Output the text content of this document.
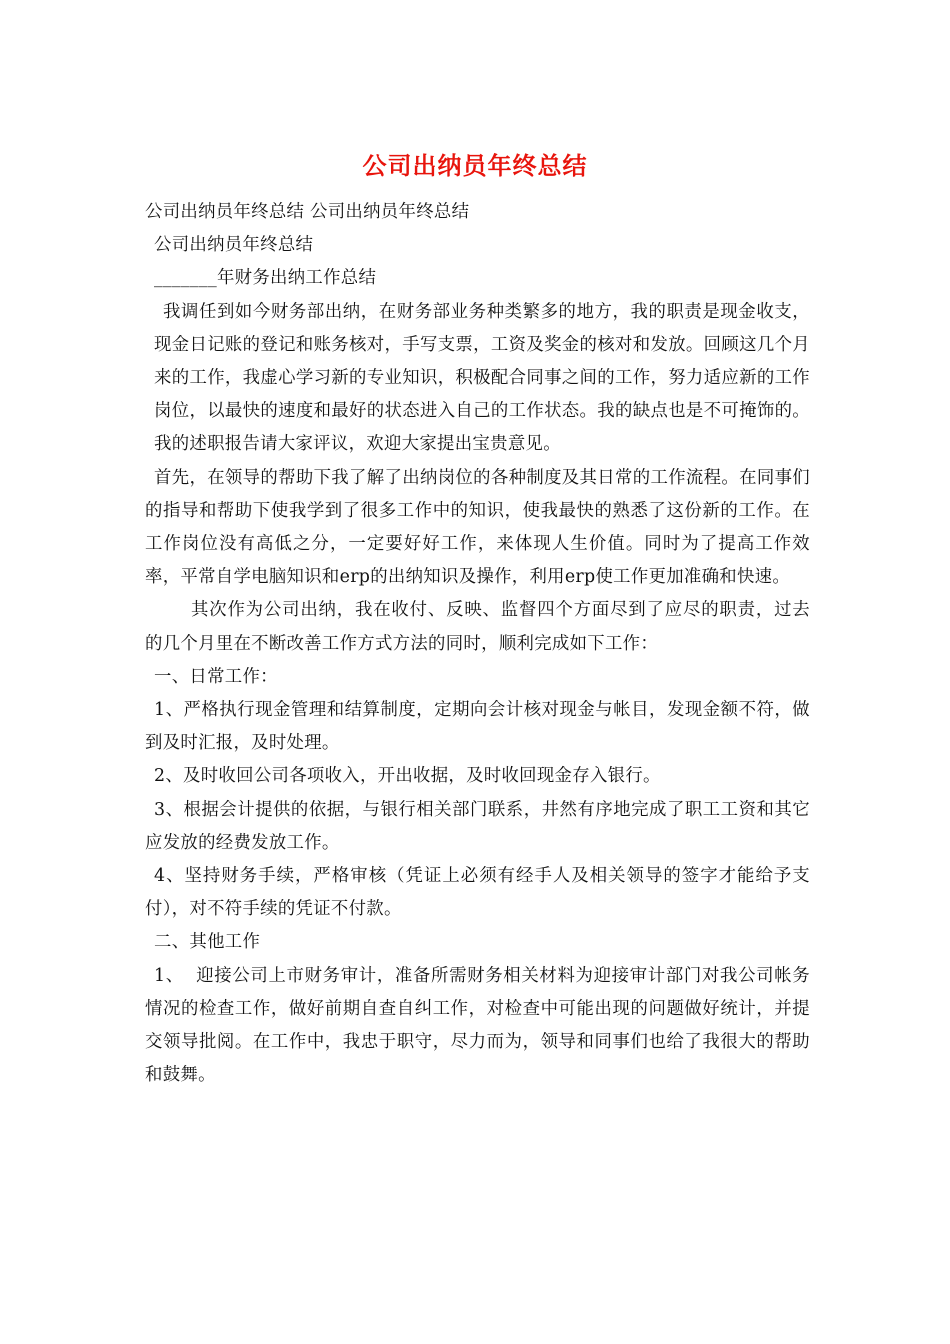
公司出纳员年终总结

公司出纳员年终总结 公司出纳员年终总结

公司出纳员年终总结

_______年财务出纳工作总结

我调任到如今财务部出纳，在财务部业务种类繁多的地方，我的职责是现金收支，现金日记账的登记和账务核对，手写支票，工资及奖金的核对和发放。回顾这几个月来的工作，我虚心学习新的专业知识，积极配合同事之间的工作，努力适应新的工作岗位，以最快的速度和最好的状态进入自己的工作状态。我的缺点也是不可掩饰的。我的述职报告请大家评议，欢迎大家提出宝贵意见。

首先，在领导的帮助下我了解了出纳岗位的各种制度及其日常的工作流程。在同事们的指导和帮助下使我学到了很多工作中的知识，使我最快的熟悉了这份新的工作。在工作岗位没有高低之分，一定要好好工作，来体现人生价值。同时为了提高工作效率，平常自学电脑知识和erp的出纳知识及操作，利用erp使工作更加准确和快速。

其次作为公司出纳，我在收付、反映、监督四个方面尽到了应尽的职责，过去的几个月里在不断改善工作方式方法的同时，顺利完成如下工作：

一、日常工作：

1、严格执行现金管理和结算制度，定期向会计核对现金与帐目，发现金额不符，做到及时汇报，及时处理。

2、及时收回公司各项收入，开出收据，及时收回现金存入银行。

3、根据会计提供的依据，与银行相关部门联系，井然有序地完成了职工工资和其它应发放的经费发放工作。

4、坚持财务手续，严格审核（凭证上必须有经手人及相关领导的签字才能给予支付），对不符手续的凭证不付款。

二、其他工作

1、  迎接公司上市财务审计，准备所需财务相关材料为迎接审计部门对我公司帐务情况的检查工作，做好前期自查自纠工作，对检查中可能出现的问题做好统计，并提交领导批阅。在工作中，我忠于职守，尽力而为，领导和同事们也给了我很大的帮助和鼓舞。
